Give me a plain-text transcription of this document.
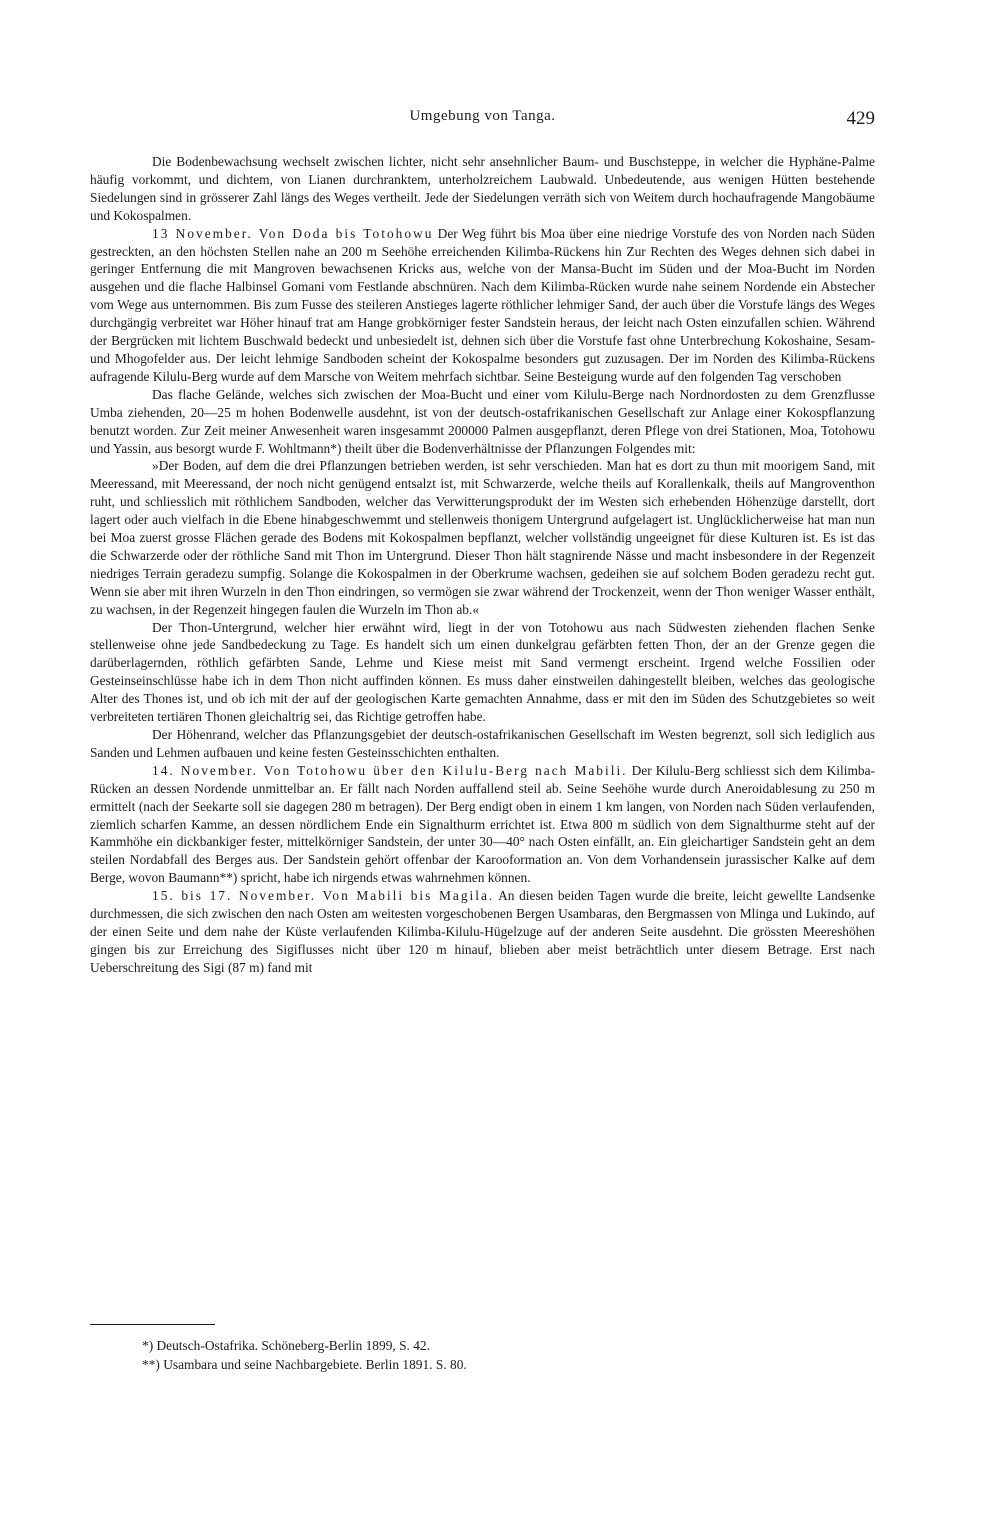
Umgebung von Tanga.	429

Die Bodenbewachsung wechselt zwischen lichter, nicht sehr ansehnlicher Baum- und Buschsteppe, in welcher die Hyphäne-Palme häufig vorkommt, und dichtem, von Lianen durchranktem, unterholzreichem Laubwald. Unbedeutende, aus wenigen Hütten bestehende Siedelungen sind in grösserer Zahl längs des Weges vertheilt. Jede der Siedelungen verräth sich von Weitem durch hochaufragende Mangobäume und Kokospalmen.

13 November. Von Doda bis Totohowu Der Weg führt bis Moa über eine niedrige Vorstufe des von Norden nach Süden gestreckten, an den höchsten Stellen nahe an 200 m Seehöhe erreichenden Kilimba-Rückens hin Zur Rechten des Weges dehnen sich dabei in geringer Entfernung die mit Mangroven bewachsenen Kricks aus, welche von der Mansa-Bucht im Süden und der Moa-Bucht im Norden ausgehen und die flache Halbinsel Gomani vom Festlande abschnüren. Nach dem Kilimba-Rücken wurde nahe seinem Nordende ein Abstecher vom Wege aus unternommen. Bis zum Fusse des steileren Anstieges lagerte röthlicher lehmiger Sand, der auch über die Vorstufe längs des Weges durchgängig verbreitet war Höher hinauf trat am Hange grobkörniger fester Sandstein heraus, der leicht nach Osten einzufallen schien. Während der Bergrücken mit lichtem Buschwald bedeckt und unbesiedelt ist, dehnen sich über die Vorstufe fast ohne Unterbrechung Kokoshaine, Sesam- und Mhogofelder aus. Der leicht lehmige Sandboden scheint der Kokospalme besonders gut zuzusagen. Der im Norden des Kilimba-Rückens aufragende Kilulu-Berg wurde auf dem Marsche von Weitem mehrfach sichtbar. Seine Besteigung wurde auf den folgenden Tag verschoben

Das flache Gelände, welches sich zwischen der Moa-Bucht und einer vom Kilulu-Berge nach Nordnordosten zu dem Grenzflusse Umba ziehenden, 20—25 m hohen Bodenwelle ausdehnt, ist von der deutsch-ostafrikanischen Gesellschaft zur Anlage einer Kokospflanzung benutzt worden. Zur Zeit meiner Anwesenheit waren insgesammt 200000 Palmen ausgepflanzt, deren Pflege von drei Stationen, Moa, Totohowu und Yassin, aus besorgt wurde F. Wohltmann*) theilt über die Bodenverhältnisse der Pflanzungen Folgendes mit:

»Der Boden, auf dem die drei Pflanzungen betrieben werden, ist sehr verschieden. Man hat es dort zu thun mit moorigem Sand, mit Meeressand, mit Meeressand, der noch nicht genügend entsalzt ist, mit Schwarzerde, welche theils auf Korallenkalk, theils auf Mangroventhon ruht, und schliesslich mit röthlichem Sandboden, welcher das Verwitterungsprodukt der im Westen sich erhebenden Höhenzüge darstellt, dort lagert oder auch vielfach in die Ebene hinabgeschwemmt und stellenweis thonigem Untergrund aufgelagert ist. Unglücklicherweise hat man nun bei Moa zuerst grosse Flächen gerade des Bodens mit Kokospalmen bepflanzt, welcher vollständig ungeeignet für diese Kulturen ist. Es ist das die Schwarzerde oder der röthliche Sand mit Thon im Untergrund. Dieser Thon hält stagnirende Nässe und macht insbesondere in der Regenzeit niedriges Terrain geradezu sumpfig. Solange die Kokospalmen in der Oberkrume wachsen, gedeihen sie auf solchem Boden geradezu recht gut. Wenn sie aber mit ihren Wurzeln in den Thon eindringen, so vermögen sie zwar während der Trockenzeit, wenn der Thon weniger Wasser enthält, zu wachsen, in der Regenzeit hingegen faulen die Wurzeln im Thon ab.«

Der Thon-Untergrund, welcher hier erwähnt wird, liegt in der von Totohowu aus nach Südwesten ziehenden flachen Senke stellenweise ohne jede Sandbedeckung zu Tage. Es handelt sich um einen dunkelgrau gefärbten fetten Thon, der an der Grenze gegen die darüberlagernden, röthlich gefärbten Sande, Lehme und Kiese meist mit Sand vermengt erscheint. Irgend welche Fossilien oder Gesteinseinschlüsse habe ich in dem Thon nicht auffinden können. Es muss daher einstweilen dahingestellt bleiben, welches das geologische Alter des Thones ist, und ob ich mit der auf der geologischen Karte gemachten Annahme, dass er mit den im Süden des Schutzgebietes so weit verbreiteten tertiären Thonen gleichaltrig sei, das Richtige getroffen habe.

Der Höhenrand, welcher das Pflanzungsgebiet der deutsch-ostafrikanischen Gesellschaft im Westen begrenzt, soll sich lediglich aus Sanden und Lehmen aufbauen und keine festen Gesteinsschichten enthalten.

14. November. Von Totohowu über den Kilulu-Berg nach Mabili. Der Kilulu-Berg schliesst sich dem Kilimba-Rücken an dessen Nordende unmittelbar an. Er fällt nach Norden auffallend steil ab. Seine Seehöhe wurde durch Aneroidablesung zu 250 m ermittelt (nach der Seekarte soll sie dagegen 280 m betragen). Der Berg endigt oben in einem 1 km langen, von Norden nach Süden verlaufenden, ziemlich scharfen Kamme, an dessen nördlichem Ende ein Signalthurm errichtet ist. Etwa 800 m südlich von dem Signalthurme steht auf der Kammhöhe ein dickbankiger fester, mittelkörniger Sandstein, der unter 30—40° nach Osten einfällt, an. Ein gleichartiger Sandstein geht an dem steilen Nordabfall des Berges aus. Der Sandstein gehört offenbar der Karooformation an. Von dem Vorhandensein jurassischer Kalke auf dem Berge, wovon Baumann**) spricht, habe ich nirgends etwas wahrnehmen können.

15. bis 17. November. Von Mabili bis Magila. An diesen beiden Tagen wurde die breite, leicht gewellte Landsenke durchmessen, die sich zwischen den nach Osten am weitesten vorgeschobenen Bergen Usambaras, den Bergmassen von Mlinga und Lukindo, auf der einen Seite und dem nahe der Küste verlaufenden Kilimba-Kilulu-Hügelzuge auf der anderen Seite ausdehnt. Die grössten Meereshöhen gingen bis zur Erreichung des Sigiflusses nicht über 120 m hinauf, blieben aber meist beträchtlich unter diesem Betrage. Erst nach Ueberschreitung des Sigi (87 m) fand mit

*) Deutsch-Ostafrika. Schöneberg-Berlin 1899, S. 42.
**) Usambara und seine Nachbargebiete. Berlin 1891. S. 80.
